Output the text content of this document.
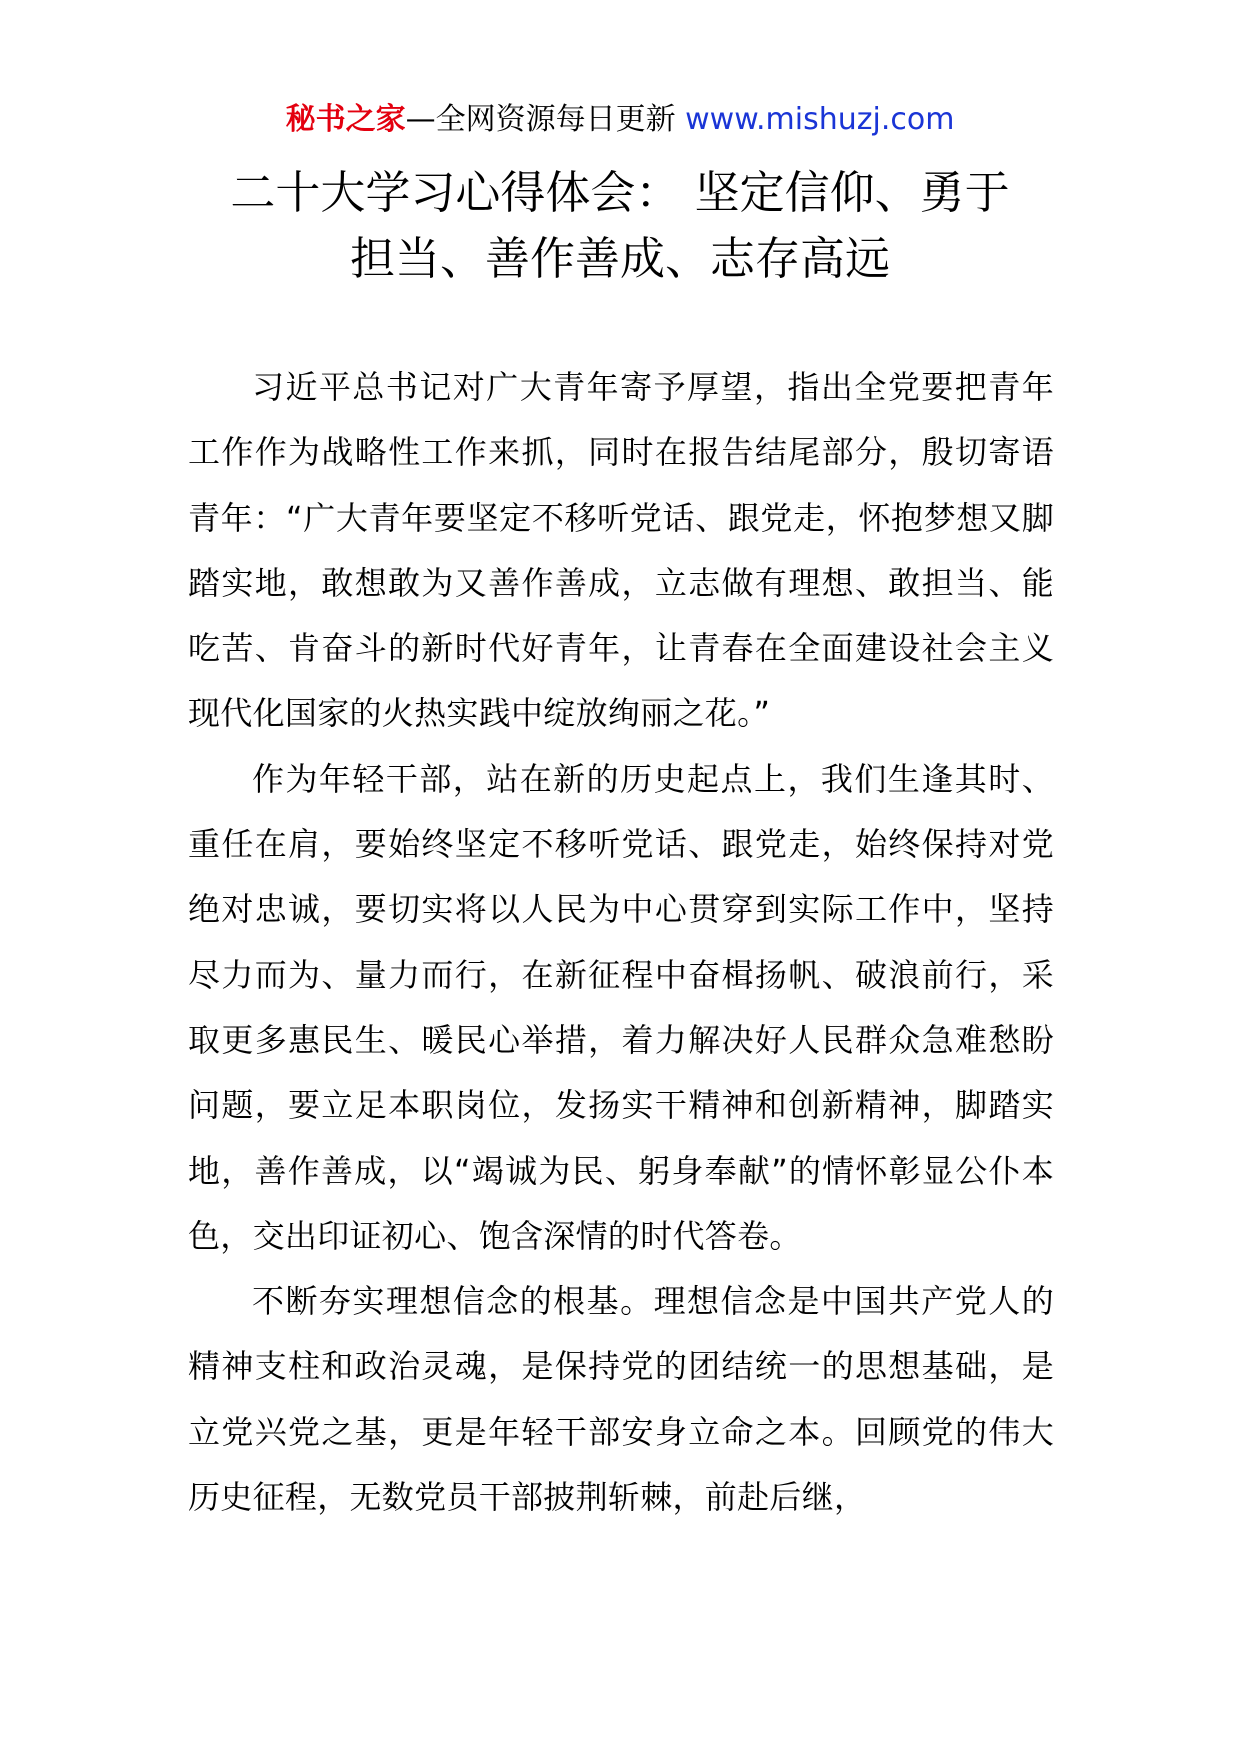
秘书之家—全网资源每日更新 www.mishuzj.com
二十大学习心得体会： 坚定信仰、勇于
担当、善作善成、志存高远

习近平总书记对广大青年寄予厚望，指出全党要把青年工作作为战略性工作来抓，同时在报告结尾部分，殷切寄语青年：“广大青年要坚定不移听党话、跟党走，怀抱梦想又脚踏实地，敢想敢为又善作善成，立志做有理想、敢担当、能吃苦、肯奋斗的新时代好青年，让青春在全面建设社会主义现代化国家的火热实践中绽放绚丽之花。”

作为年轻干部，站在新的历史起点上，我们生逢其时、重任在肩，要始终坚定不移听党话、跟党走，始终保持对党绝对忠诚，要切实将以人民为中心贯穿到实际工作中，坚持尽力而为、量力而行，在新征程中奋楫扬帆、破浪前行，采取更多惠民生、暖民心举措，着力解决好人民群众急难愁盼问题，要立足本职岗位，发扬实干精神和创新精神，脚踏实地，善作善成，以“竭诚为民、躬身奉献”的情怀彰显公仆本色，交出印证初心、饱含深情的时代答卷。

不断夯实理想信念的根基。理想信念是中国共产党人的精神支柱和政治灵魂，是保持党的团结统一的思想基础，是立党兴党之基，更是年轻干部安身立命之本。回顾党的伟大历史征程，无数党员干部披荆斩棘，前赴后继，
